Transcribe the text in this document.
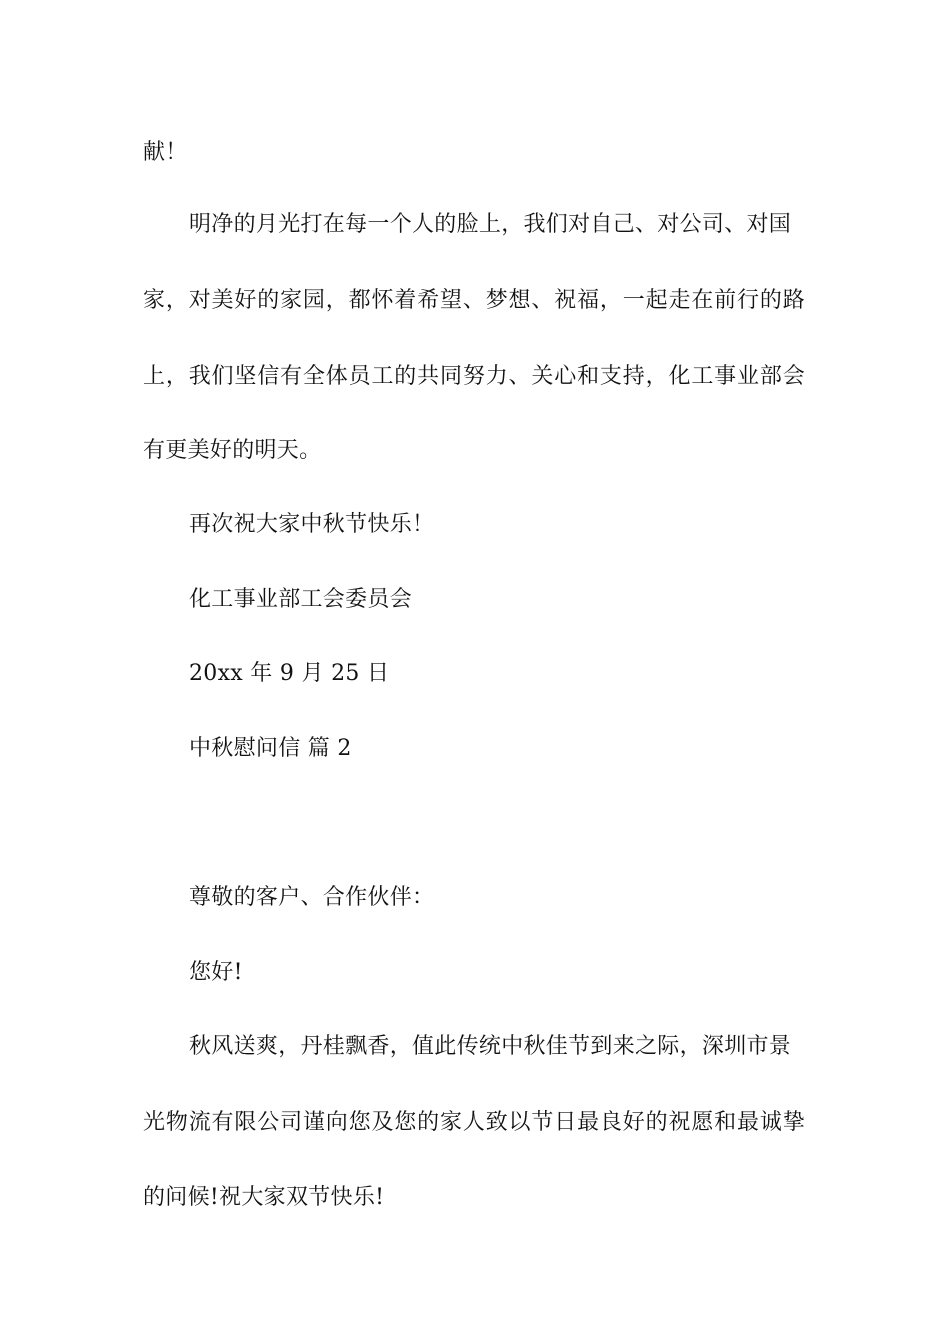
献！
明净的月光打在每一个人的脸上，我们对自己、对公司、对国
家，对美好的家园，都怀着希望、梦想、祝福，一起走在前行的路
上，我们坚信有全体员工的共同努力、关心和支持，化工事业部会
有更美好的明天。
再次祝大家中秋节快乐！
化工事业部工会委员会
20xx 年 9 月 25 日
中秋慰问信 篇 2
尊敬的客户、合作伙伴：
您好!
秋风送爽，丹桂飘香，值此传统中秋佳节到来之际，深圳市景
光物流有限公司谨向您及您的家人致以节日最良好的祝愿和最诚挚
的问候!祝大家双节快乐!
